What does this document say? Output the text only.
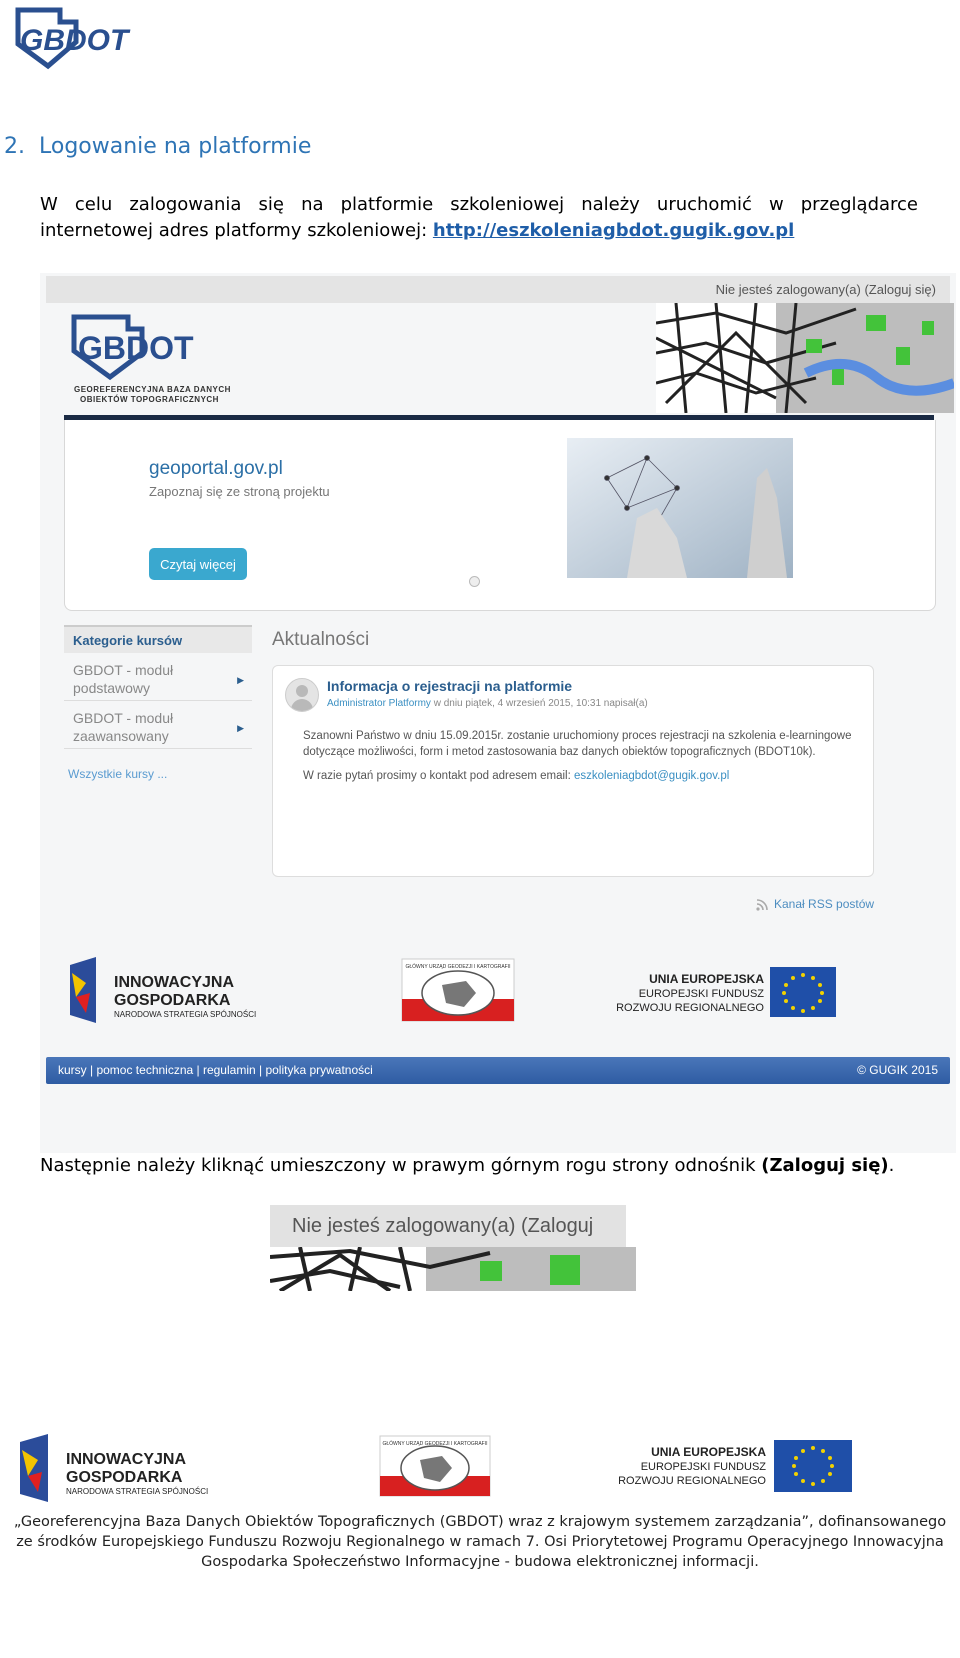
GBDOT
2. Logowanie na platformie
W celu zalogowania się na platformie szkoleniowej należy uruchomić w przeglądarce internetowej adres platformy szkoleniowej: http://eszkoleniagbdot.gugik.gov.pl
Nie jesteś zalogowany(a) (Zaloguj się)
GBDOT
GEOREFERENCYJNA BAZA DANYCH
OBIEKTÓW TOPOGRAFICZNYCH
geoportal.gov.pl
Zapoznaj się ze stroną projektu
Czytaj więcej
Kategorie kursów
GBDOT - moduł podstawowy	▶
GBDOT - moduł zaawansowany	▶
Wszystkie kursy ...
Aktualności
Informacja o rejestracji na platformie
Administrator Platformy w dniu piątek, 4 wrzesień 2015, 10:31 napisał(a)

Szanowni Państwo w dniu 15.09.2015r. zostanie uruchomiony proces rejestracji na szkolenia e-learningowe dotyczące możliwości, form i metod zastosowania baz danych obiektów topograficznych (BDOT10k).

W razie pytań prosimy o kontakt pod adresem email: eszkoleniagbdot@gugik.gov.pl

Kanał RSS postów
INNOWACYJNA
GOSPODARKA
NARODOWA STRATEGIA SPÓJNOŚCI
GŁÓWNY URZĄD GEODEZJI I KARTOGRAFII
UNIA EUROPEJSKA
EUROPEJSKI FUNDUSZ
ROZWOJU REGIONALNEGO
kursy | pomoc techniczna | regulamin | polityka prywatności	© GUGIK 2015
Następnie należy kliknąć umieszczony w prawym górnym rogu strony odnośnik (Zaloguj się).
Nie jesteś zalogowany(a) (Zaloguj
INNOWACYJNA
GOSPODARKA
NARODOWA STRATEGIA SPÓJNOŚCI
GŁÓWNY URZĄD GEODEZJI I KARTOGRAFII
UNIA EUROPEJSKA
EUROPEJSKI FUNDUSZ
ROZWOJU REGIONALNEGO
„Georeferencyjna Baza Danych Obiektów Topograficznych (GBDOT) wraz z krajowym systemem zarządzania”, dofinansowanego ze środków Europejskiego Funduszu Rozwoju Regionalnego w ramach 7. Osi Priorytetowej Programu Operacyjnego Innowacyjna Gospodarka Społeczeństwo Informacyjne - budowa elektronicznej informacji.
